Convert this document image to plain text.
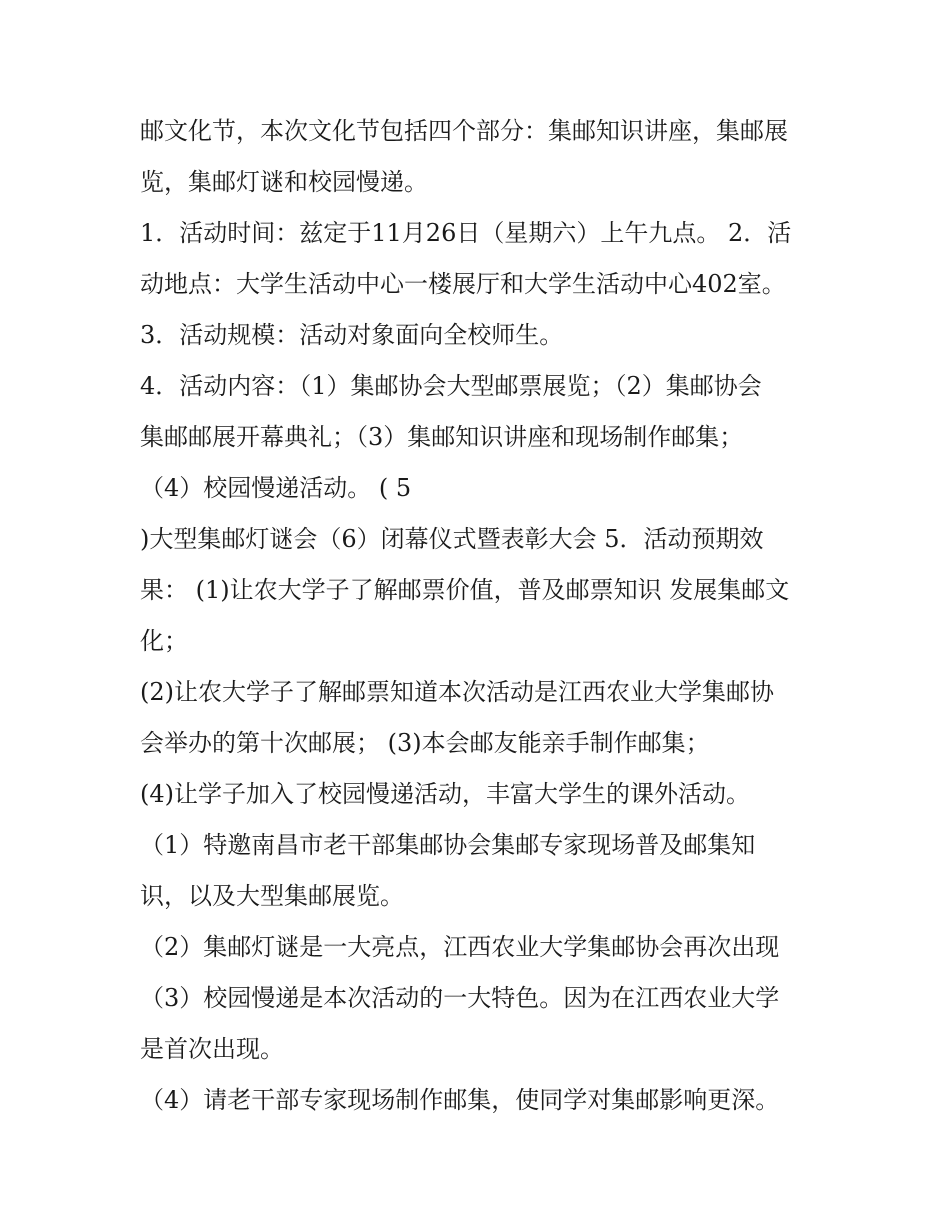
邮文化节，本次文化节包括四个部分：集邮知识讲座，集邮展
览，集邮灯谜和校园慢递。
1．活动时间：兹定于11月26日（星期六）上午九点。 2．活
动地点：大学生活动中心一楼展厅和大学生活动中心402室。
3．活动规模：活动对象面向全校师生。
4．活动内容：（1）集邮协会大型邮票展览；（2）集邮协会
集邮邮展开幕典礼；（3）集邮知识讲座和现场制作邮集；
（4）校园慢递活动。 ( 5
)大型集邮灯谜会（6）闭幕仪式暨表彰大会 5．活动预期效
果： (1)让农大学子了解邮票价值，普及邮票知识 发展集邮文
化；
(2)让农大学子了解邮票知道本次活动是江西农业大学集邮协
会举办的第十次邮展； (3)本会邮友能亲手制作邮集；
(4)让学子加入了校园慢递活动，丰富大学生的课外活动。
（1）特邀南昌市老干部集邮协会集邮专家现场普及邮集知
识，以及大型集邮展览。
（2）集邮灯谜是一大亮点，江西农业大学集邮协会再次出现
（3）校园慢递是本次活动的一大特色。因为在江西农业大学
是首次出现。
（4）请老干部专家现场制作邮集，使同学对集邮影响更深。
